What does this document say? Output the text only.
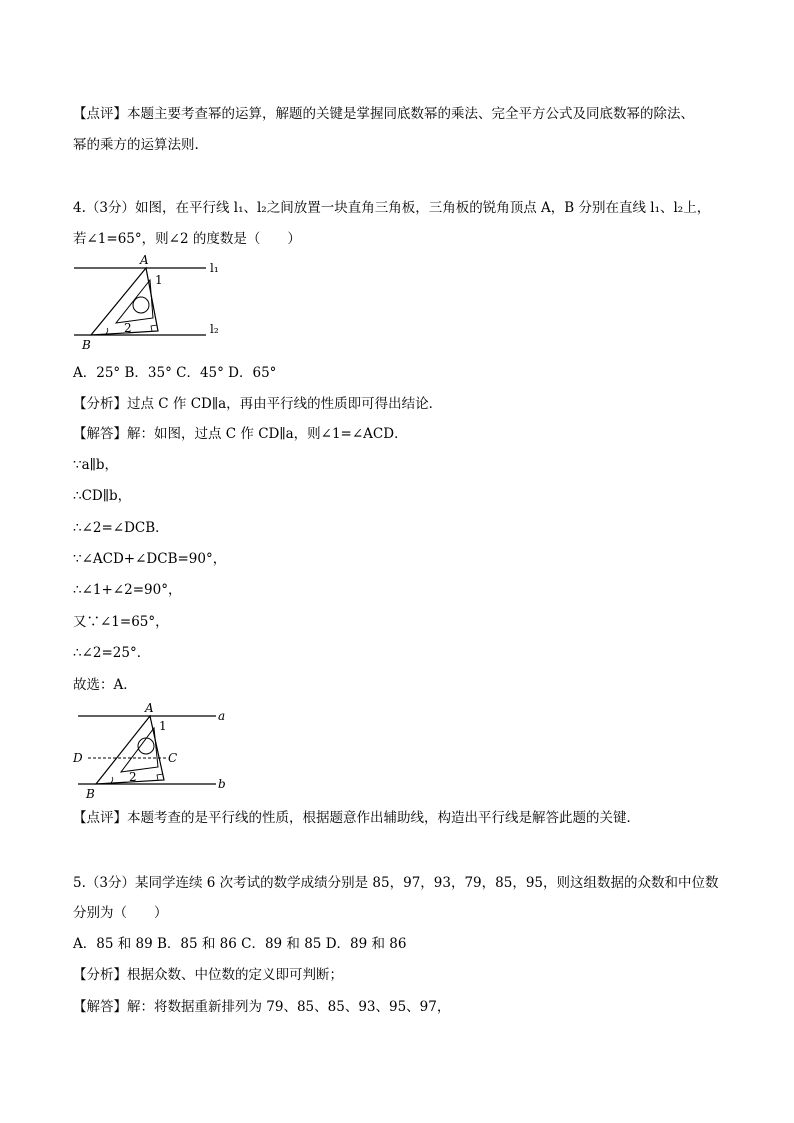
【点评】本题主要考查幂的运算，解题的关键是掌握同底数幂的乘法、完全平方公式及同底数幂的除法、
幂的乘方的运算法则.
4.（3分）如图，在平行线 l₁、l₂之间放置一块直角三角板，三角板的锐角顶点 A，B 分别在直线 l₁、l₂上，
若∠1=65°，则∠2 的度数是（　　）
A
1
2
B
l₁
l₂
A．25° B．35° C．45° D．65°
【分析】过点 C 作 CD∥a，再由平行线的性质即可得出结论．
【解答】解：如图，过点 C 作 CD∥a，则∠1=∠ACD．
∵a∥b，
∴CD∥b，
∴∠2=∠DCB．
∵∠ACD+∠DCB=90°，
∴∠1+∠2=90°，
又∵∠1=65°，
∴∠2=25°．
故选：A．
A
1
D	C
2
B
a
b
【点评】本题考查的是平行线的性质，根据题意作出辅助线，构造出平行线是解答此题的关键．
5.（3分）某同学连续 6 次考试的数学成绩分别是 85，97，93，79，85，95，则这组数据的众数和中位数
分别为（　　）
A．85 和 89 B．85 和 86 C．89 和 85 D．89 和 86
【分析】根据众数、中位数的定义即可判断；
【解答】解：将数据重新排列为 79、85、85、93、95、97，
